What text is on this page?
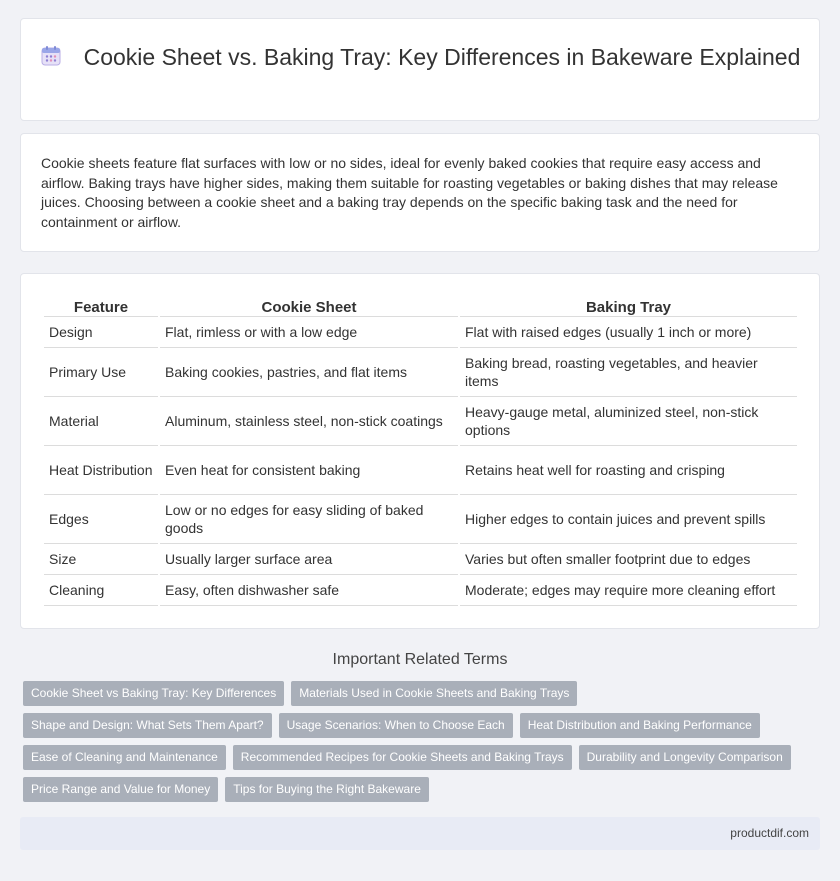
Cookie Sheet vs. Baking Tray: Key Differences in Bakeware Explained

Cookie sheets feature flat surfaces with low or no sides, ideal for evenly baked cookies that require easy access and airflow. Baking trays have higher sides, making them suitable for roasting vegetables or baking dishes that may release juices. Choosing between a cookie sheet and a baking tray depends on the specific baking task and the need for containment or airflow.

Feature	Cookie Sheet	Baking Tray
Design	Flat, rimless or with a low edge	Flat with raised edges (usually 1 inch or more)
Primary Use	Baking cookies, pastries, and flat items	Baking bread, roasting vegetables, and heavier items
Material	Aluminum, stainless steel, non-stick coatings	Heavy-gauge metal, aluminized steel, non-stick options
Heat Distribution	Even heat for consistent baking	Retains heat well for roasting and crisping
Edges	Low or no edges for easy sliding of baked goods	Higher edges to contain juices and prevent spills
Size	Usually larger surface area	Varies but often smaller footprint due to edges
Cleaning	Easy, often dishwasher safe	Moderate; edges may require more cleaning effort
Important Related Terms
Cookie Sheet vs Baking Tray: Key Differences	Materials Used in Cookie Sheets and Baking Trays
Shape and Design: What Sets Them Apart?	Usage Scenarios: When to Choose Each	Heat Distribution and Baking Performance
Ease of Cleaning and Maintenance	Recommended Recipes for Cookie Sheets and Baking Trays	Durability and Longevity Comparison
Price Range and Value for Money	Tips for Buying the Right Bakeware
productdif.com
